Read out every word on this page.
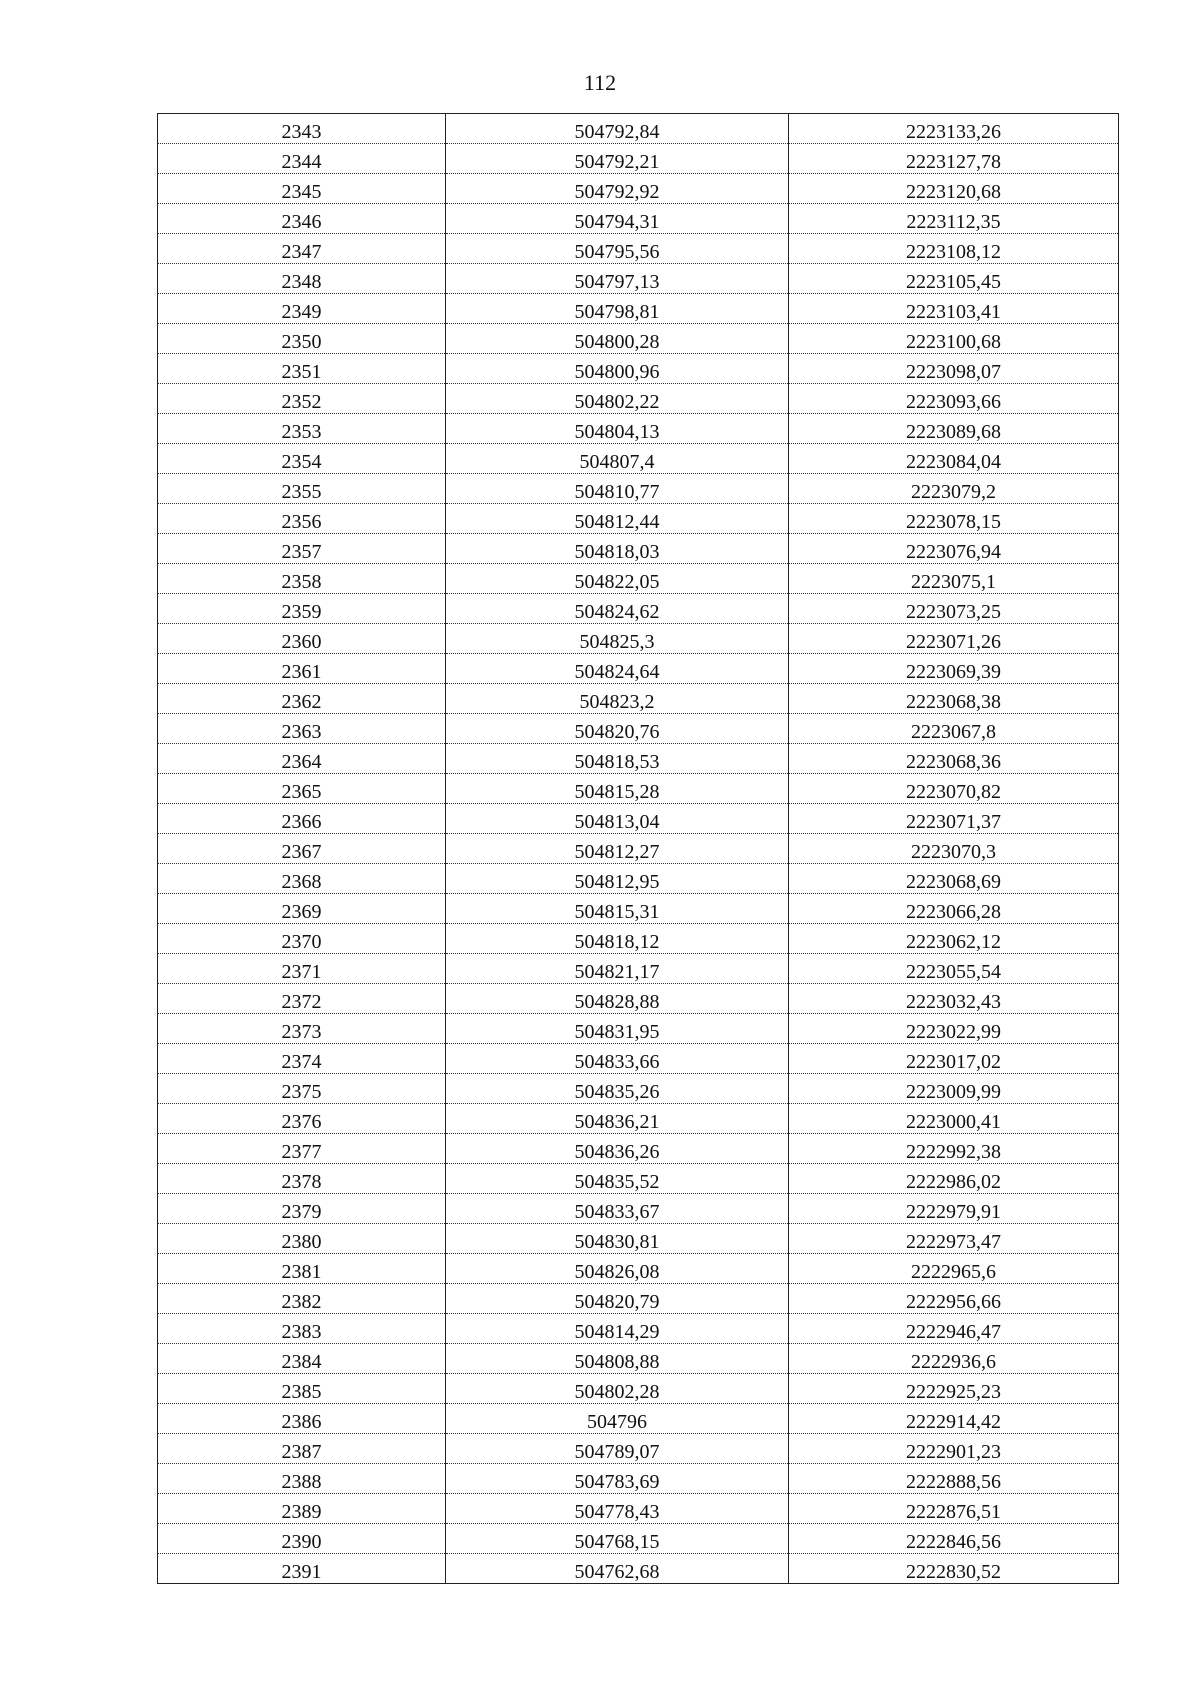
112
2343	504792,84	2223133,26
2344	504792,21	2223127,78
2345	504792,92	2223120,68
2346	504794,31	2223112,35
2347	504795,56	2223108,12
2348	504797,13	2223105,45
2349	504798,81	2223103,41
2350	504800,28	2223100,68
2351	504800,96	2223098,07
2352	504802,22	2223093,66
2353	504804,13	2223089,68
2354	504807,4	2223084,04
2355	504810,77	2223079,2
2356	504812,44	2223078,15
2357	504818,03	2223076,94
2358	504822,05	2223075,1
2359	504824,62	2223073,25
2360	504825,3	2223071,26
2361	504824,64	2223069,39
2362	504823,2	2223068,38
2363	504820,76	2223067,8
2364	504818,53	2223068,36
2365	504815,28	2223070,82
2366	504813,04	2223071,37
2367	504812,27	2223070,3
2368	504812,95	2223068,69
2369	504815,31	2223066,28
2370	504818,12	2223062,12
2371	504821,17	2223055,54
2372	504828,88	2223032,43
2373	504831,95	2223022,99
2374	504833,66	2223017,02
2375	504835,26	2223009,99
2376	504836,21	2223000,41
2377	504836,26	2222992,38
2378	504835,52	2222986,02
2379	504833,67	2222979,91
2380	504830,81	2222973,47
2381	504826,08	2222965,6
2382	504820,79	2222956,66
2383	504814,29	2222946,47
2384	504808,88	2222936,6
2385	504802,28	2222925,23
2386	504796	2222914,42
2387	504789,07	2222901,23
2388	504783,69	2222888,56
2389	504778,43	2222876,51
2390	504768,15	2222846,56
2391	504762,68	2222830,52
